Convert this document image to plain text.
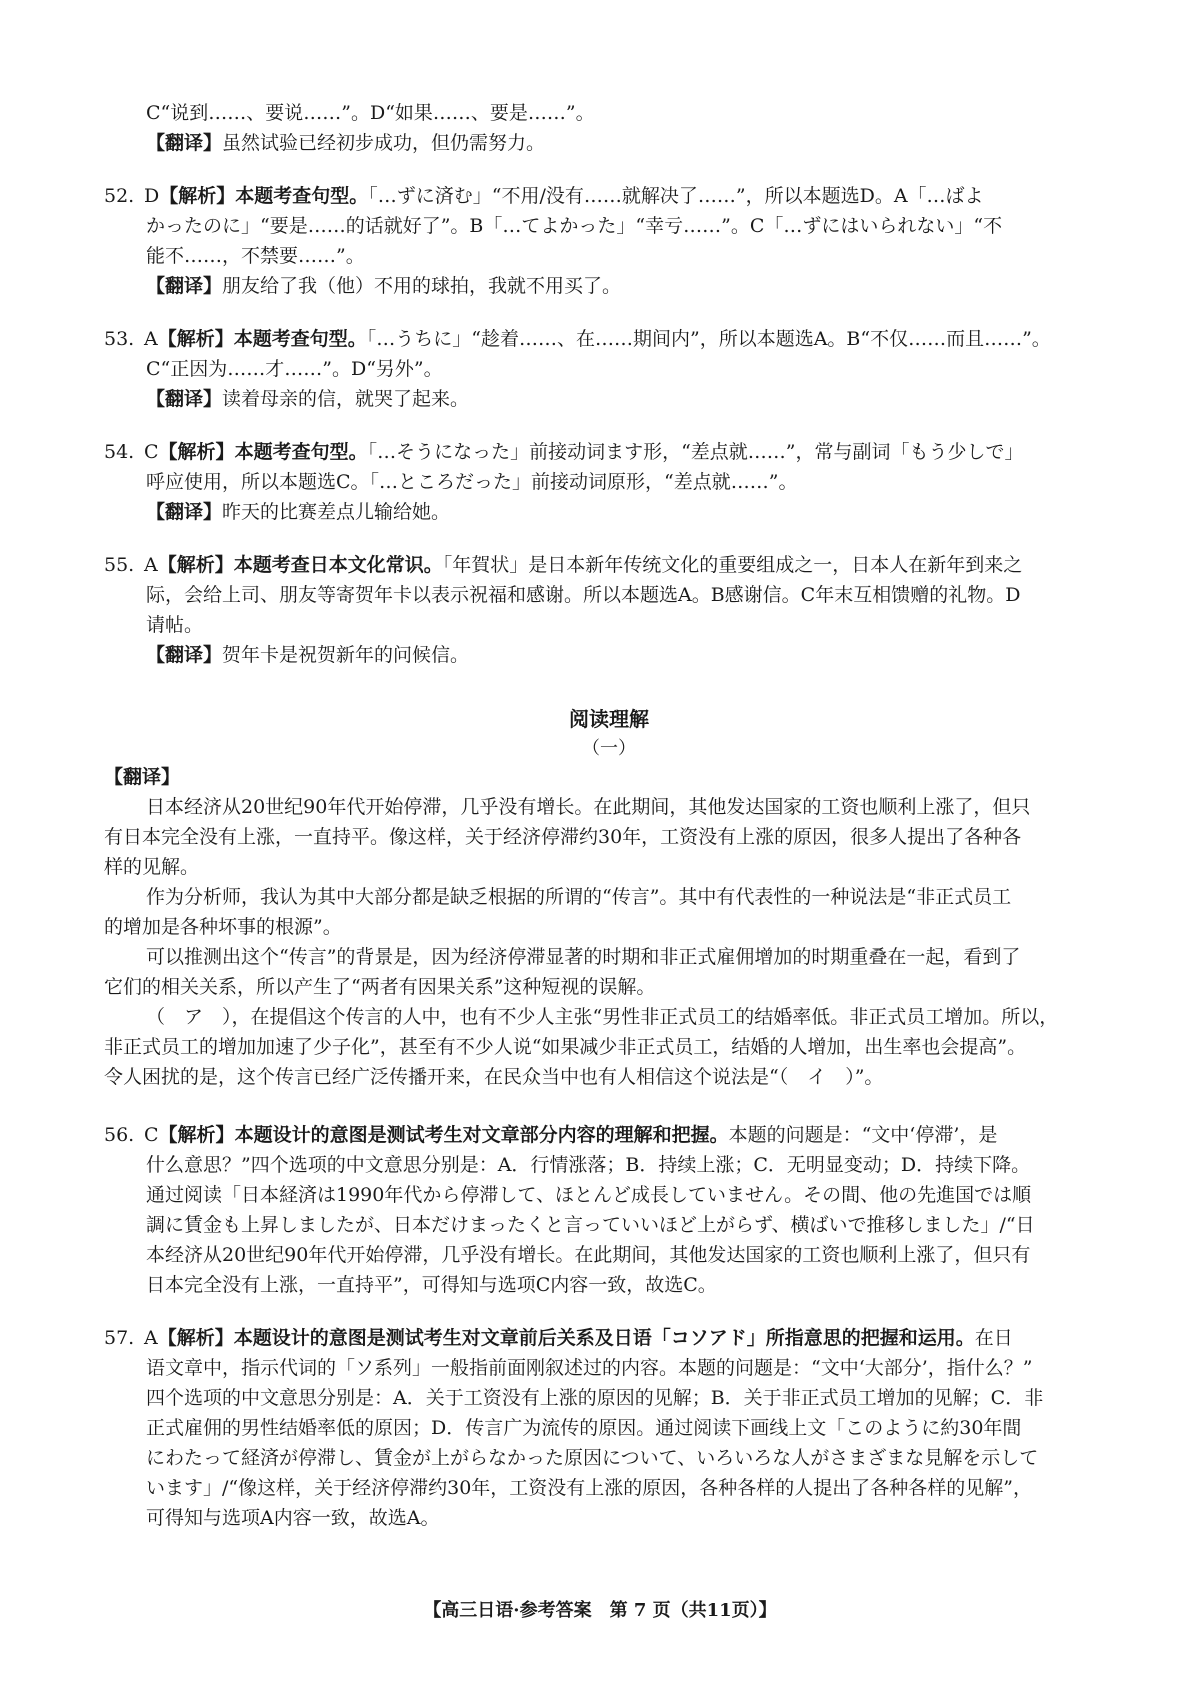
C“说到……、要说……”。D“如果……、要是……”。
【翻译】虽然试验已经初步成功，但仍需努力。
52. D【解析】本题考查句型。「…ずに済む」“不用/没有……就解决了……”，所以本题选D。A「…ばよ
かったのに」“要是……的话就好了”。B「…てよかった」“幸亏……”。C「…ずにはいられない」“不
能不……，不禁要……”。
【翻译】朋友给了我（他）不用的球拍，我就不用买了。
53. A【解析】本题考查句型。「…うちに」“趁着……、在……期间内”，所以本题选A。B“不仅……而且……”。
C“正因为……才……”。D“另外”。
【翻译】读着母亲的信，就哭了起来。
54. C【解析】本题考查句型。「…そうになった」前接动词ます形，“差点就……”，常与副词「もう少しで」
呼应使用，所以本题选C。「…ところだった」前接动词原形，“差点就……”。
【翻译】昨天的比赛差点儿输给她。
55. A【解析】本题考查日本文化常识。「年賀状」是日本新年传统文化的重要组成之一，日本人在新年到来之
际，会给上司、朋友等寄贺年卡以表示祝福和感谢。所以本题选A。B感谢信。C年末互相馈赠的礼物。D
请帖。
【翻译】贺年卡是祝贺新年的问候信。
阅读理解
（一）
【翻译】
日本经济从20世纪90年代开始停滞，几乎没有增长。在此期间，其他发达国家的工资也顺利上涨了，但只
有日本完全没有上涨，一直持平。像这样，关于经济停滞约30年，工资没有上涨的原因，很多人提出了各种各
样的见解。
作为分析师，我认为其中大部分都是缺乏根据的所谓的“传言”。其中有代表性的一种说法是“非正式员工
的增加是各种坏事的根源”。
可以推测出这个“传言”的背景是，因为经济停滞显著的时期和非正式雇佣增加的时期重叠在一起，看到了
它们的相关关系，所以产生了“两者有因果关系”这种短视的误解。
（　ア　），在提倡这个传言的人中，也有不少人主张“男性非正式员工的结婚率低。非正式员工增加。所以，
非正式员工的增加加速了少子化”，甚至有不少人说“如果减少非正式员工，结婚的人增加，出生率也会提高”。
令人困扰的是，这个传言已经广泛传播开来，在民众当中也有人相信这个说法是“（　イ　）”。
56. C【解析】本题设计的意图是测试考生对文章部分内容的理解和把握。本题的问题是：“文中‘停滞’，是
什么意思？”四个选项的中文意思分别是：A．行情涨落；B．持续上涨；C．无明显变动；D．持续下降。
通过阅读「日本経済は1990年代から停滞して、ほとんど成長していません。その間、他の先進国では順
調に賃金も上昇しましたが、日本だけまったくと言っていいほど上がらず、横ばいで推移しました」/“日
本经济从20世纪90年代开始停滞，几乎没有增长。在此期间，其他发达国家的工资也顺利上涨了，但只有
日本完全没有上涨，一直持平”，可得知与选项C内容一致，故选C。
57. A【解析】本题设计的意图是测试考生对文章前后关系及日语「コソアド」所指意思的把握和运用。在日
语文章中，指示代词的「ソ系列」一般指前面刚叙述过的内容。本题的问题是：“文中‘大部分’，指什么？”
四个选项的中文意思分别是：A．关于工资没有上涨的原因的见解；B．关于非正式员工增加的见解；C．非
正式雇佣的男性结婚率低的原因；D．传言广为流传的原因。通过阅读下画线上文「このように約30年間
にわたって経済が停滞し、賃金が上がらなかった原因について、いろいろな人がさまざまな見解を示して
います」/“像这样，关于经济停滞约30年，工资没有上涨的原因，各种各样的人提出了各种各样的见解”，
可得知与选项A内容一致，故选A。
【高三日语·参考答案　第 7 页（共11页）】
